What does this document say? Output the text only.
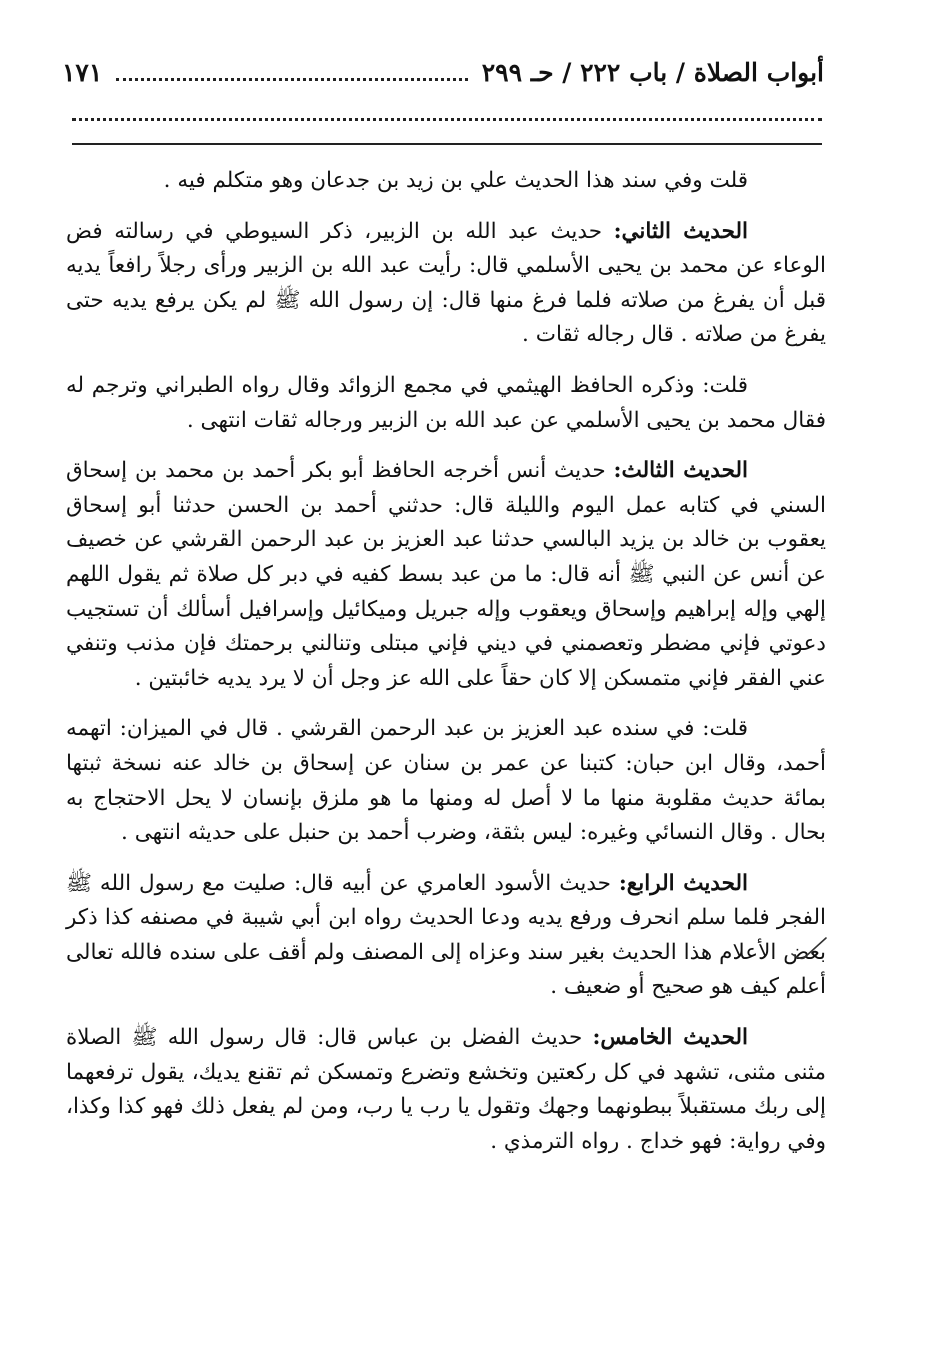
أبواب الصلاة / باب ٢٢٢ / حـ ٢٩٩
١٧١

قلت وفي سند هذا الحديث علي بن زيد بن جدعان وهو متكلم فيه .

الحديث الثاني: حديث عبد الله بن الزبير، ذكر السيوطي في رسالته فض الوعاء عن محمد بن يحيى الأسلمي قال: رأيت عبد الله بن الزبير ورأى رجلاً رافعاً يديه قبل أن يفرغ من صلاته فلما فرغ منها قال: إن رسول الله ﷺ لم يكن يرفع يديه حتى يفرغ من صلاته . قال رجاله ثقات .

قلت: وذكره الحافظ الهيثمي في مجمع الزوائد وقال رواه الطبراني وترجم له فقال محمد بن يحيى الأسلمي عن عبد الله بن الزبير ورجاله ثقات انتهى .

الحديث الثالث: حديث أنس أخرجه الحافظ أبو بكر أحمد بن محمد بن إسحاق السني في كتابه عمل اليوم والليلة قال: حدثني أحمد بن الحسن حدثنا أبو إسحاق يعقوب بن خالد بن يزيد البالسي حدثنا عبد العزيز بن عبد الرحمن القرشي عن خصيف عن أنس عن النبي ﷺ أنه قال: ما من عبد بسط كفيه في دبر كل صلاة ثم يقول اللهم إلهي وإله إبراهيم وإسحاق ويعقوب وإله جبريل وميكائيل وإسرافيل أسألك أن تستجيب دعوتي فإني مضطر وتعصمني في ديني فإني مبتلى وتنالني برحمتك فإن مذنب وتنفي عني الفقر فإني متمسكن إلا كان حقاً على الله عز وجل أن لا يرد يديه خائبتين .

قلت: في سنده عبد العزيز بن عبد الرحمن القرشي . قال في الميزان: اتهمه أحمد، وقال ابن حبان: كتبنا عن عمر بن سنان عن إسحاق بن خالد عنه نسخة ثبتها بمائة حديث مقلوبة منها ما لا أصل له ومنها ما هو ملزق بإنسان لا يحل الاحتجاج به بحال . وقال النسائي وغيره: ليس بثقة، وضرب أحمد بن حنبل على حديثه انتهى .

الحديث الرابع: حديث الأسود العامري عن أبيه قال: صليت مع رسول الله ﷺ الفجر فلما سلم انحرف ورفع يديه ودعا الحديث رواه ابن أبي شيبة في مصنفه كذا ذكر بعض الأعلام هذا الحديث بغير سند وعزاه إلى المصنف ولم أقف على سنده فالله تعالى أعلم كيف هو صحيح أو ضعيف .

الحديث الخامس: حديث الفضل بن عباس قال: قال رسول الله ﷺ الصلاة مثنى مثنى، تشهد في كل ركعتين وتخشع وتضرع وتمسكن ثم تقنع يديك، يقول ترفعهما إلى ربك مستقبلاً ببطونهما وجهك وتقول يا رب يا رب، ومن لم يفعل ذلك فهو كذا وكذا، وفي رواية: فهو خداج . رواه الترمذي .
